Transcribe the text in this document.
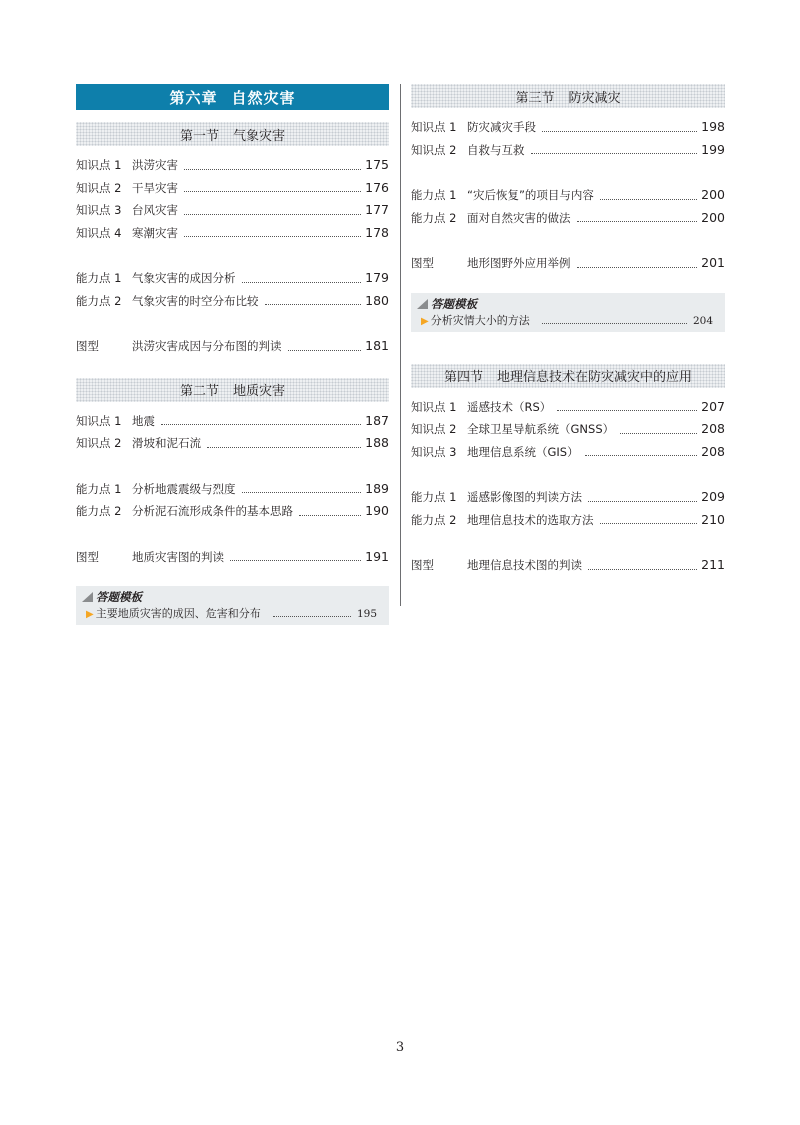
第六章 自然灾害
第一节 气象灾害
知识点 1 洪涝灾害	175
知识点 2 干旱灾害	176
知识点 3 台风灾害	177
知识点 4 寒潮灾害	178
能力点 1 气象灾害的成因分析	179
能力点 2 气象灾害的时空分布比较	180
图型	洪涝灾害成因与分布图的判读	181
第二节 地质灾害
知识点 1 地震	187
知识点 2 滑坡和泥石流	188
能力点 1 分析地震震级与烈度	189
能力点 2 分析泥石流形成条件的基本思路	190
图型	地质灾害图的判读	191
答题模板
▶ 主要地质灾害的成因、危害和分布	195
第三节 防灾减灾
知识点 1 防灾减灾手段	198
知识点 2 自救与互救	199
能力点 1 “灾后恢复”的项目与内容	200
能力点 2 面对自然灾害的做法	200
图型	地形图野外应用举例	201
答题模板
▶ 分析灾情大小的方法	204
第四节 地理信息技术在防灾减灾中的应用
知识点 1 遥感技术（RS）	207
知识点 2 全球卫星导航系统（GNSS）	208
知识点 3 地理信息系统（GIS）	208
能力点 1 遥感影像图的判读方法	209
能力点 2 地理信息技术的选取方法	210
图型	地理信息技术图的判读	211
3
